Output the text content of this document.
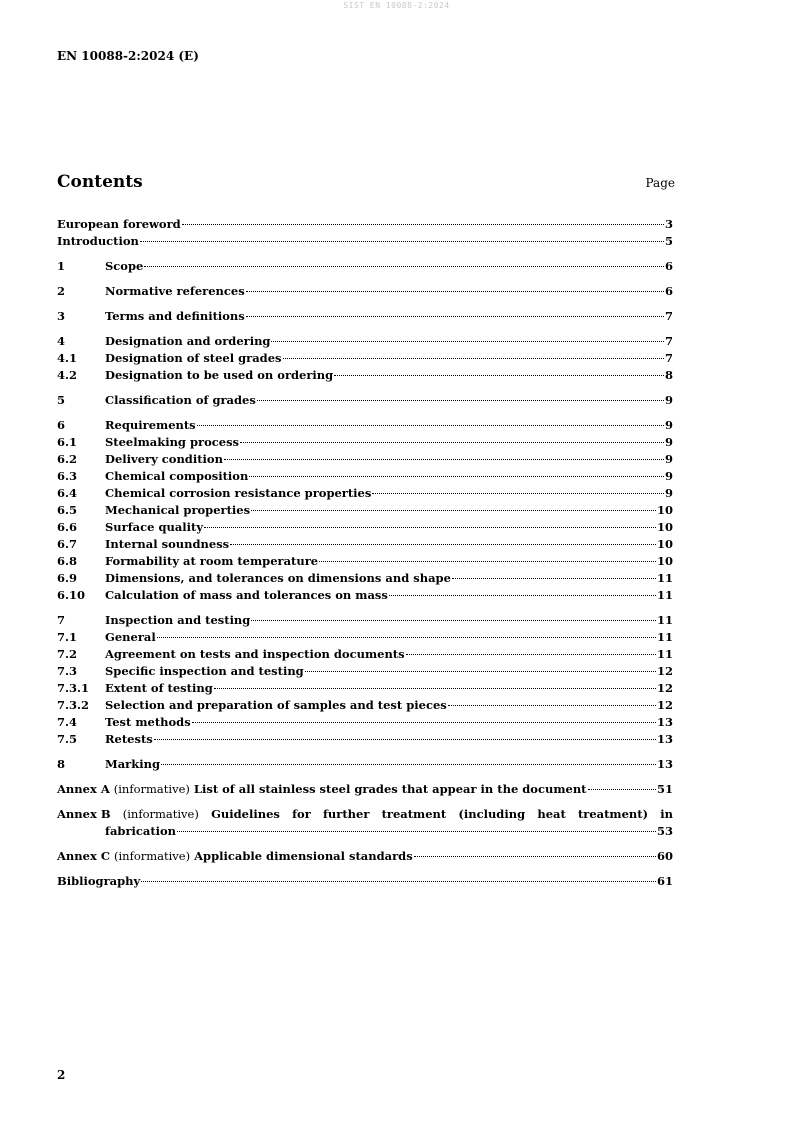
SIST EN 10088-2:2024
EN 10088-2:2024 (E)
Contents	Page
European foreword	3
Introduction	5
1	Scope	6
2	Normative references	6
3	Terms and definitions	7
4	Designation and ordering	7
4.1	Designation of steel grades	7
4.2	Designation to be used on ordering	8
5	Classification of grades	9
6	Requirements	9
6.1	Steelmaking process	9
6.2	Delivery condition	9
6.3	Chemical composition	9
6.4	Chemical corrosion resistance properties	9
6.5	Mechanical properties	10
6.6	Surface quality	10
6.7	Internal soundness	10
6.8	Formability at room temperature	10
6.9	Dimensions, and tolerances on dimensions and shape	11
6.10	Calculation of mass and tolerances on mass	11
7	Inspection and testing	11
7.1	General	11
7.2	Agreement on tests and inspection documents	11
7.3	Specific inspection and testing	12
7.3.1	Extent of testing	12
7.3.2	Selection and preparation of samples and test pieces	12
7.4	Test methods	13
7.5	Retests	13
8	Marking	13
Annex A (informative) List of all stainless steel grades that appear in the document	51
Annex B (informative) Guidelines for further treatment (including heat treatment) in
fabrication	53
Annex C (informative) Applicable dimensional standards	60
Bibliography	61
2
